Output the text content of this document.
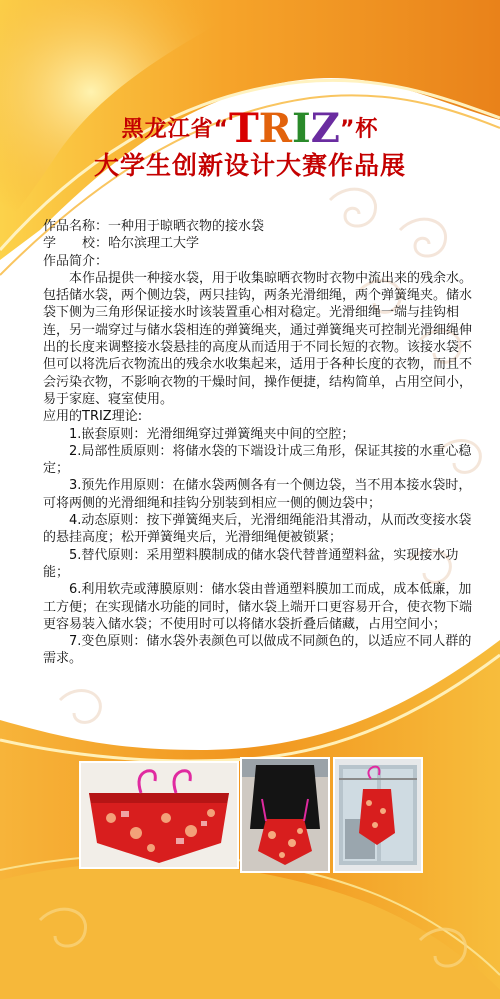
黑龙江省“TRIZ”杯
大学生创新设计大赛作品展

作品名称：一种用于晾晒衣物的接水袋

学　　校：哈尔滨理工大学

作品简介：

本作品提供一种接水袋，用于收集晾晒衣物时衣物中流出来的残余水。包括储水袋，两个侧边袋，两只挂钩，两条光滑细绳，两个弹簧绳夹。储水袋下侧为三角形保证接水时该装置重心相对稳定。光滑细绳一端与挂钩相连，另一端穿过与储水袋相连的弹簧绳夹，通过弹簧绳夹可控制光滑细绳伸出的长度来调整接水袋悬挂的高度从而适用于不同长短的衣物。该接水袋不但可以将洗后衣物流出的残余水收集起来，适用于各种长度的衣物，而且不会污染衣物，不影响衣物的干燥时间，操作便捷，结构简单，占用空间小，易于家庭、寝室使用。

应用的TRIZ理论:

1.嵌套原则：光滑细绳穿过弹簧绳夹中间的空腔；

2.局部性质原则：将储水袋的下端设计成三角形，保证其接的水重心稳定；

3.预先作用原则：在储水袋两侧各有一个侧边袋，当不用本接水袋时，可将两侧的光滑细绳和挂钩分别装到相应一侧的侧边袋中；

4.动态原则：按下弹簧绳夹后，光滑细绳能沿其滑动，从而改变接水袋的悬挂高度；松开弹簧绳夹后，光滑细绳便被锁紧；

5.替代原则：采用塑料膜制成的储水袋代替普通塑料盆，实现接水功能；

6.利用软壳或薄膜原则：储水袋由普通塑料膜加工而成，成本低廉，加工方便；在实现储水功能的同时，储水袋上端开口更容易开合，使衣物下端更容易装入储水袋；不使用时可以将储水袋折叠后储藏，占用空间小；

7.变色原则：储水袋外表颜色可以做成不同颜色的，以适应不同人群的需求。
